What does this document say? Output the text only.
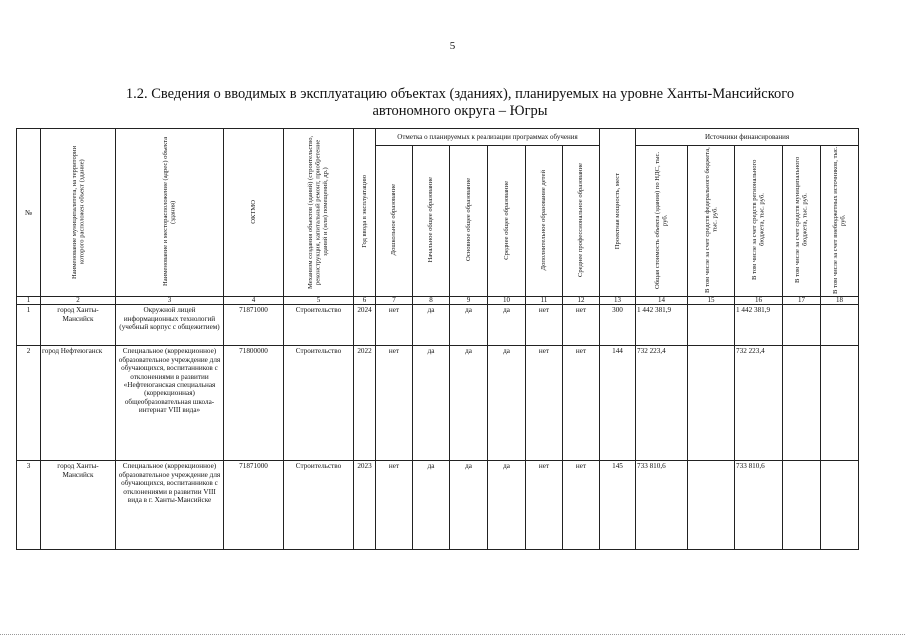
5
1.2. Сведения о вводимых в эксплуатацию объектах (зданиях), планируемых на уровне Ханты-Мансийского
автономного округа – Югры
№	Наименование муниципалитета, на территории которого расположен объект (здание)	Наименование и месторасположение (адрес) объекта (здания)	ОКТМО	Механизм создания объектов (зданий) (строительство, реконструкция, капитальный ремонт, приобретение зданий и (или) помещений, др.)	Год ввода в эксплуатацию	Отметка о планируемых к реализации программах обучения						Проектная мощность, мест	Источники финансирования				
						Дошкольное образование	Начальное общее образование	Основное общее образование	Среднее общее образование	Дополнительное образование детей	Среднее профессиональное образование		Общая стоимость объекта (здания) по НДС, тыс. руб.	В том числе за счет средств федерального бюджета, тыс. руб.	В том числе за счет средств регионального бюджета, тыс. руб.	В том числе за счет средств муниципального бюджета, тыс. руб.	В том числе за счет внебюджетных источников, тыс. руб.
1	2	3	4	5	6	7	8	9	10	11	12	13	14	15	16	17	18
1	город Ханты-Мансийск	Окружной лицей информационных технологий (учебный корпус с общежитием)	71871000	Строительство	2024	нет	да	да	да	нет	нет	300	1 442 381,9		1 442 381,9		
2	город Нефтеюганск	Специальное (коррекционное) образовательное учреждение для обучающихся, воспитанников с отклонениями в развитии «Нефтеюганская специальная (коррекционная) общеобразовательная школа-интернат VIII вида»	71800000	Строительство	2022	нет	да	да	да	нет	нет	144	732 223,4		732 223,4		
3	город Ханты-Мансийск	Специальное (коррекционное) образовательное учреждение для обучающихся, воспитанников с отклонениями в развитии VIII вида в г. Ханты-Мансийске	71871000	Строительство	2023	нет	да	да	да	нет	нет	145	733 810,6		733 810,6		
